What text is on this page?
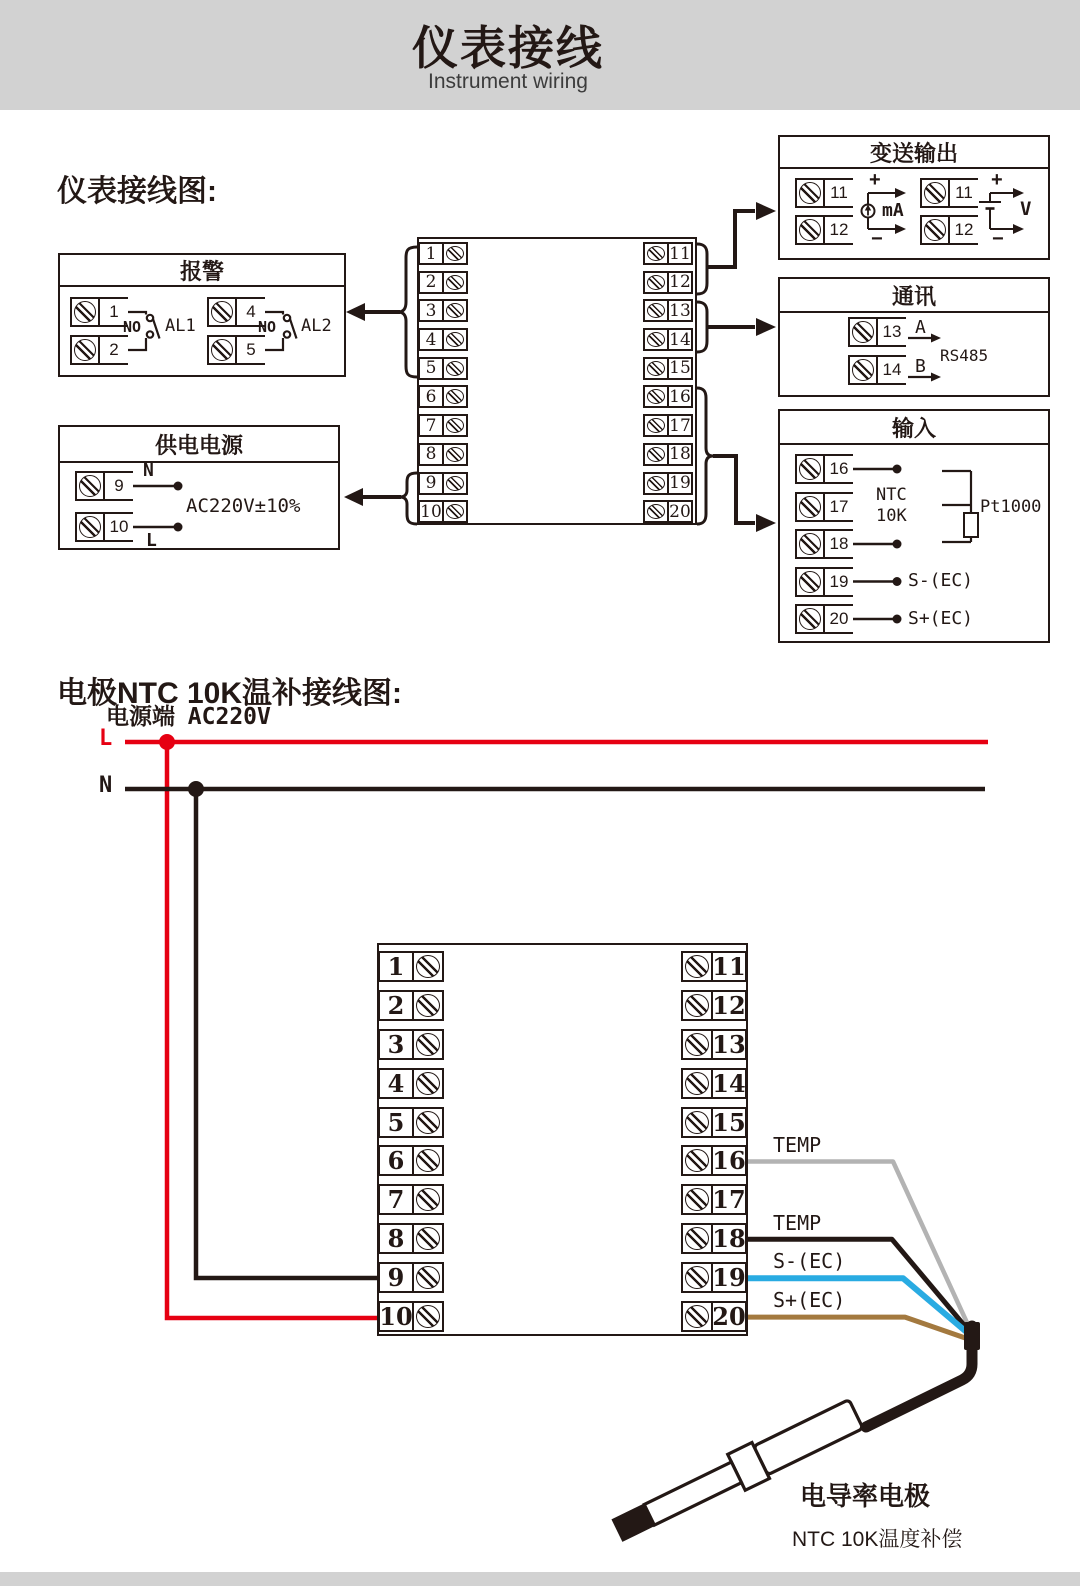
仪表接线
Instrument wiring
仪表接线图:
电极NTC 10K温补接线图:
报警
供电电源
变送输出
通讯
输入
1
2
3
4
5
6
7
8
9
10
11
12
13
14
15
16
17
18
19
20
1
2
3
4
5
6
7
8
9
10
11
12
13
14
15
16
17
18
19
20
1
2
4
5
9
10
11
12
11
12
13
14
16
17
18
19
20
NO AL1	NO AL2
N
AC220V±10%
L
+
mA
−
+
V
−
A
B
RS485
NTC
10K	Pt1000
S-(EC)
S+(EC)
电源端 AC220V
L
N
TEMP
TEMP
S-(EC)
S+(EC)
电导率电极
NTC 10K温度补偿
